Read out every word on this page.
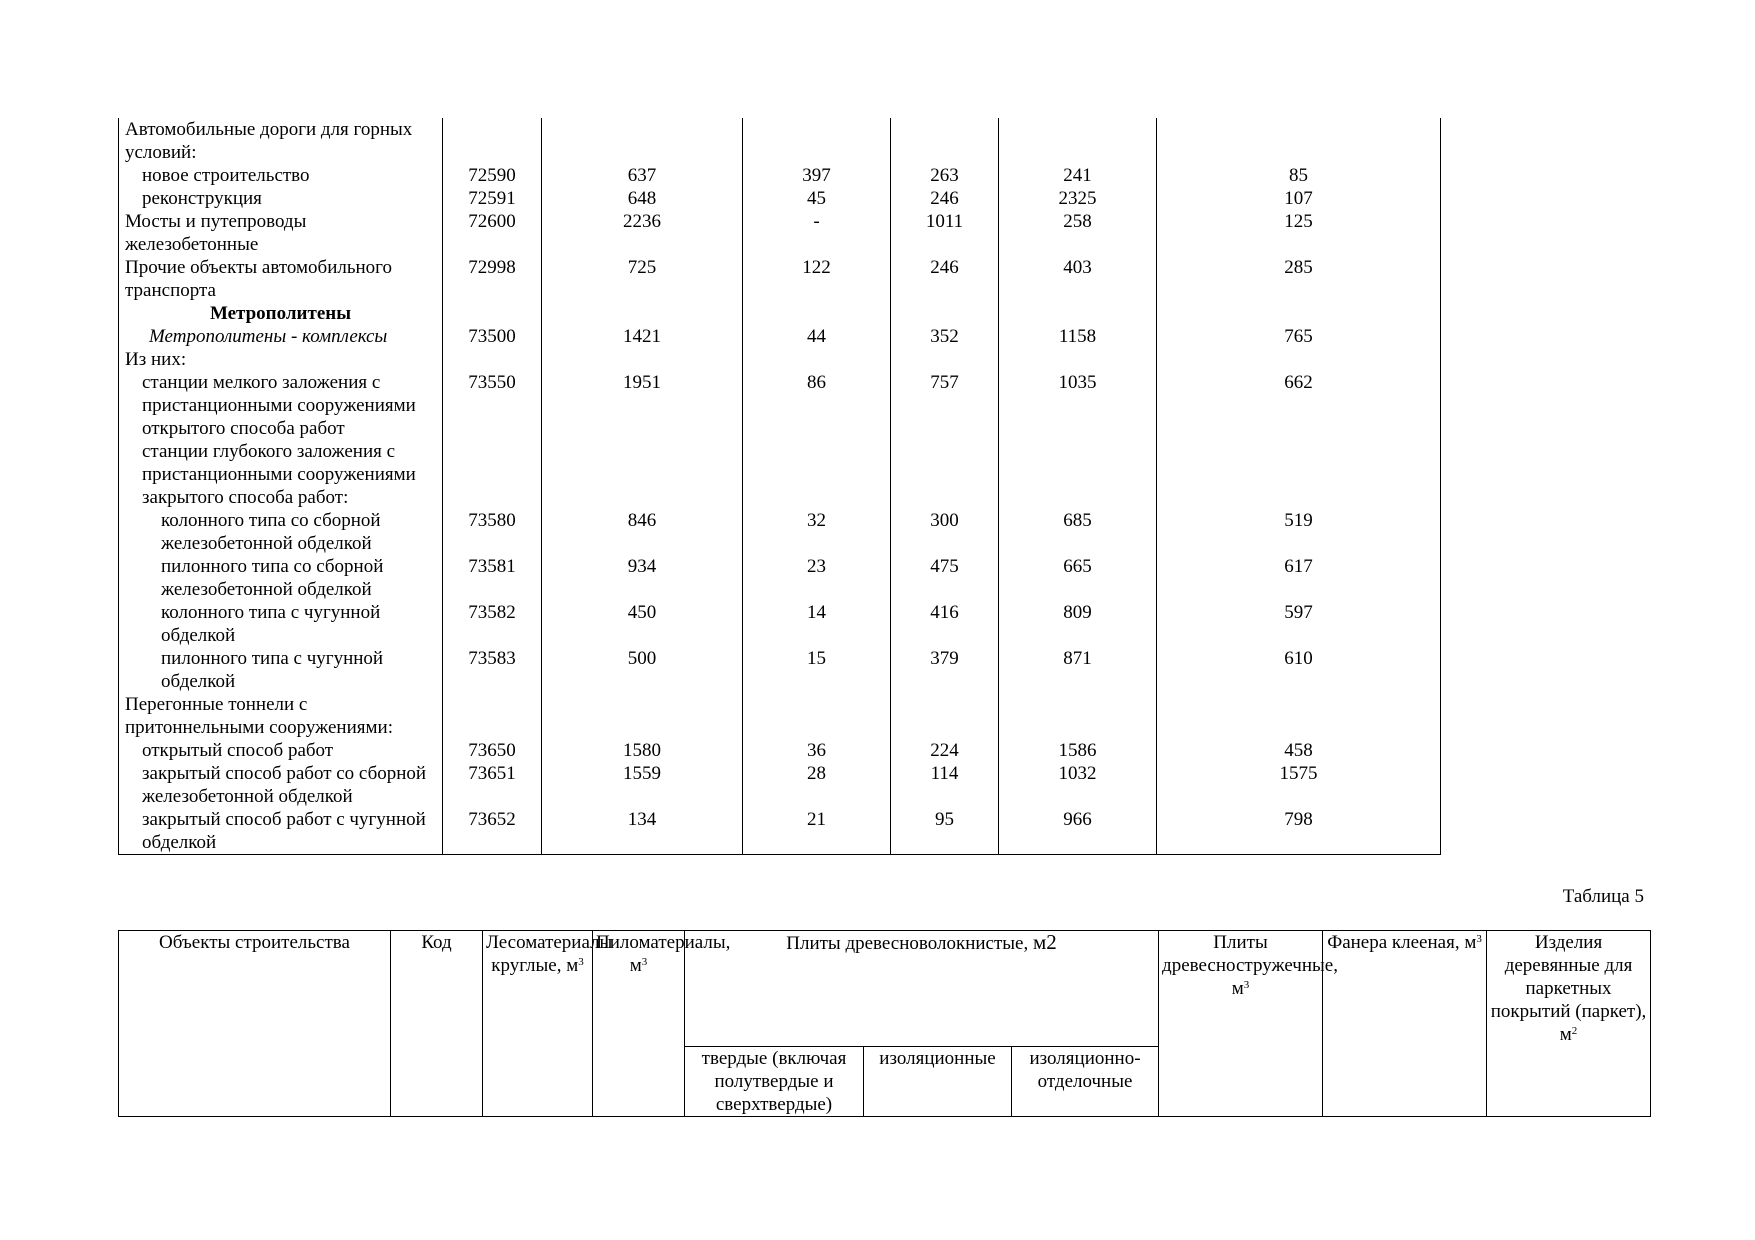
Автомобильные дороги для горных условий:						
новое строительство	72590	637	397	263	241	85
реконструкция	72591	648	45	246	2325	107
Мосты и путепроводы железобетонные	72600	2236	-	1011	258	125
Прочие объекты автомобильного транспорта	72998	725	122	246	403	285
Метрополитены						
Метрополитены - комплексы	73500	1421	44	352	1158	765
Из них:						
станции мелкого заложения с пристанционными сооружениями открытого способа работ	73550	1951	86	757	1035	662
станции глубокого заложения с пристанционными сооружениями закрытого способа работ:						
колонного типа со сборной железобетонной обделкой	73580	846	32	300	685	519
пилонного типа со сборной железобетонной обделкой	73581	934	23	475	665	617
колонного типа с чугунной обделкой	73582	450	14	416	809	597
пилонного типа с чугунной обделкой	73583	500	15	379	871	610
Перегонные тоннели с притоннельными сооружениями:						
открытый способ работ	73650	1580	36	224	1586	458
закрытый способ работ со сборной железобетонной обделкой	73651	1559	28	114	1032	1575
закрытый способ работ с чугунной обделкой	73652	134	21	95	966	798

Таблица 5

Объекты строительства	Код	Лесоматериалы круглые, $м^3$	Пиломатериалы, $м^3$	Плиты древесноволокнистые, м2			Плиты древесностружечные, $м^3$	Фанера клееная, $м^3$	Изделия деревянные для паркетных покрытий (паркет), $м^2$
				твердые (включая полутвердые и сверхтвердые)	изоляционные	изоляционно-отделочные			
